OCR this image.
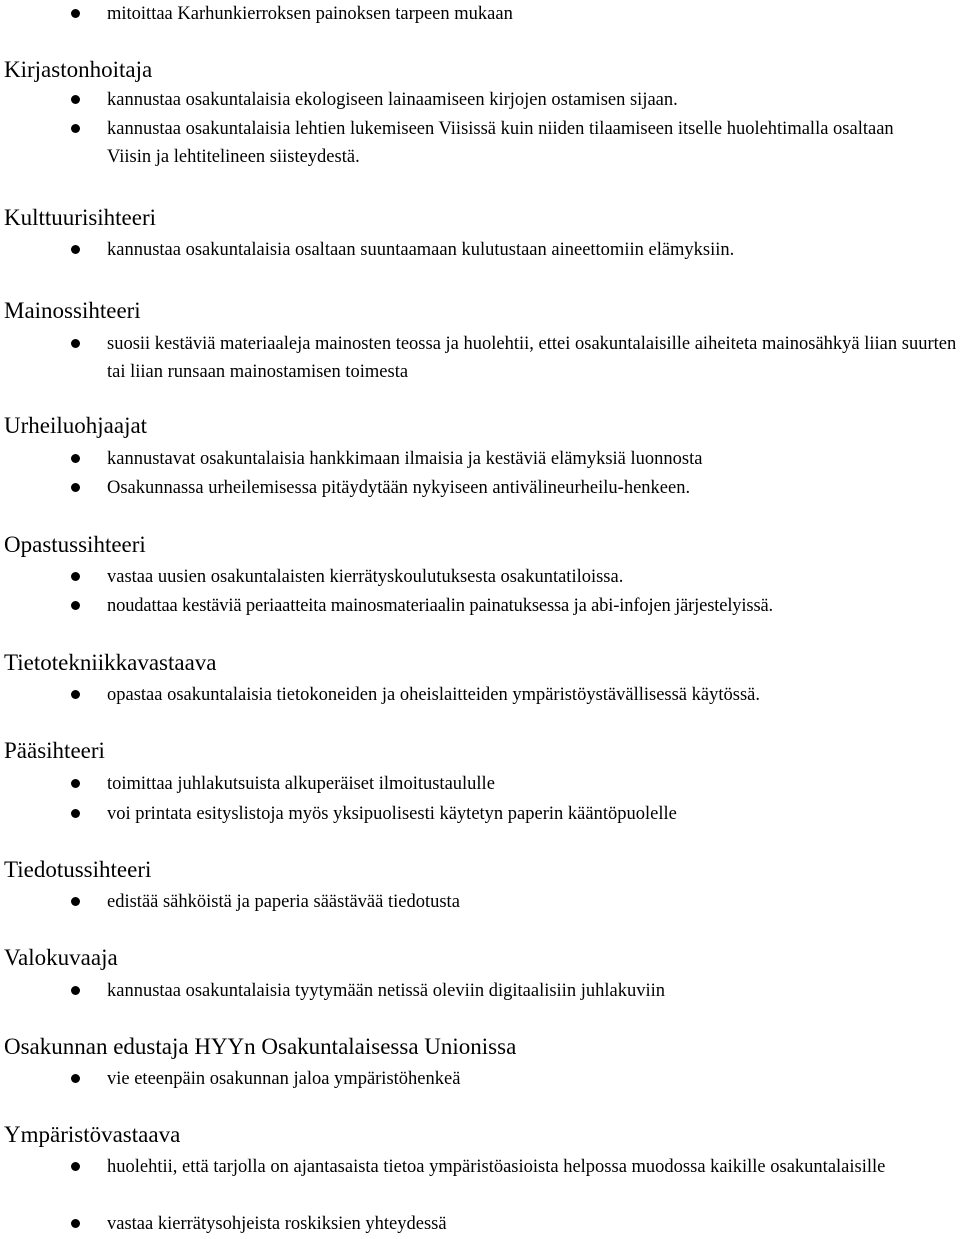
mitoittaa Karhunkierroksen painoksen tarpeen mukaan

Kirjastonhoitaja

kannustaa osakuntalaisia ekologiseen lainaamiseen kirjojen ostamisen sijaan.

kannustaa osakuntalaisia lehtien lukemiseen Viisissä kuin niiden tilaamiseen itselle huolehtimalla osaltaan Viisin ja lehtitelineen siisteydestä.

Kulttuurisihteeri

kannustaa osakuntalaisia osaltaan suuntaamaan kulutustaan aineettomiin elämyksiin.

Mainossihteeri

suosii kestäviä materiaaleja mainosten teossa ja huolehtii, ettei osakuntalaisille aiheiteta mainosähkyä liian suurten tai liian runsaan mainostamisen toimesta

Urheiluohjaajat

kannustavat osakuntalaisia hankkimaan ilmaisia ja kestäviä elämyksiä luonnosta

Osakunnassa urheilemisessa pitäydytään nykyiseen antivälineurheilu-henkeen.

Opastussihteeri

vastaa uusien osakuntalaisten kierrätyskoulutuksesta osakuntatiloissa.

noudattaa kestäviä periaatteita mainosmateriaalin painatuksessa ja abi-infojen järjestelyissä.

Tietotekniikkavastaava

opastaa osakuntalaisia tietokoneiden ja oheislaitteiden ympäristöystävällisessä käytössä.

Pääsihteeri

toimittaa juhlakutsuista alkuperäiset ilmoitustaululle

voi printata esityslistoja myös yksipuolisesti käytetyn paperin kääntöpuolelle

Tiedotussihteeri

edistää sähköistä ja paperia säästävää tiedotusta

Valokuvaaja

kannustaa osakuntalaisia tyytymään netissä oleviin digitaalisiin juhlakuviin

Osakunnan edustaja HYYn Osakuntalaisessa Unionissa

vie eteenpäin osakunnan jaloa ympäristöhenkeä

Ympäristövastaava

huolehtii, että tarjolla on ajantasaista tietoa ympäristöasioista helpossa muodossa kaikille osakuntalaisille

vastaa kierrätysohjeista roskiksien yhteydessä
